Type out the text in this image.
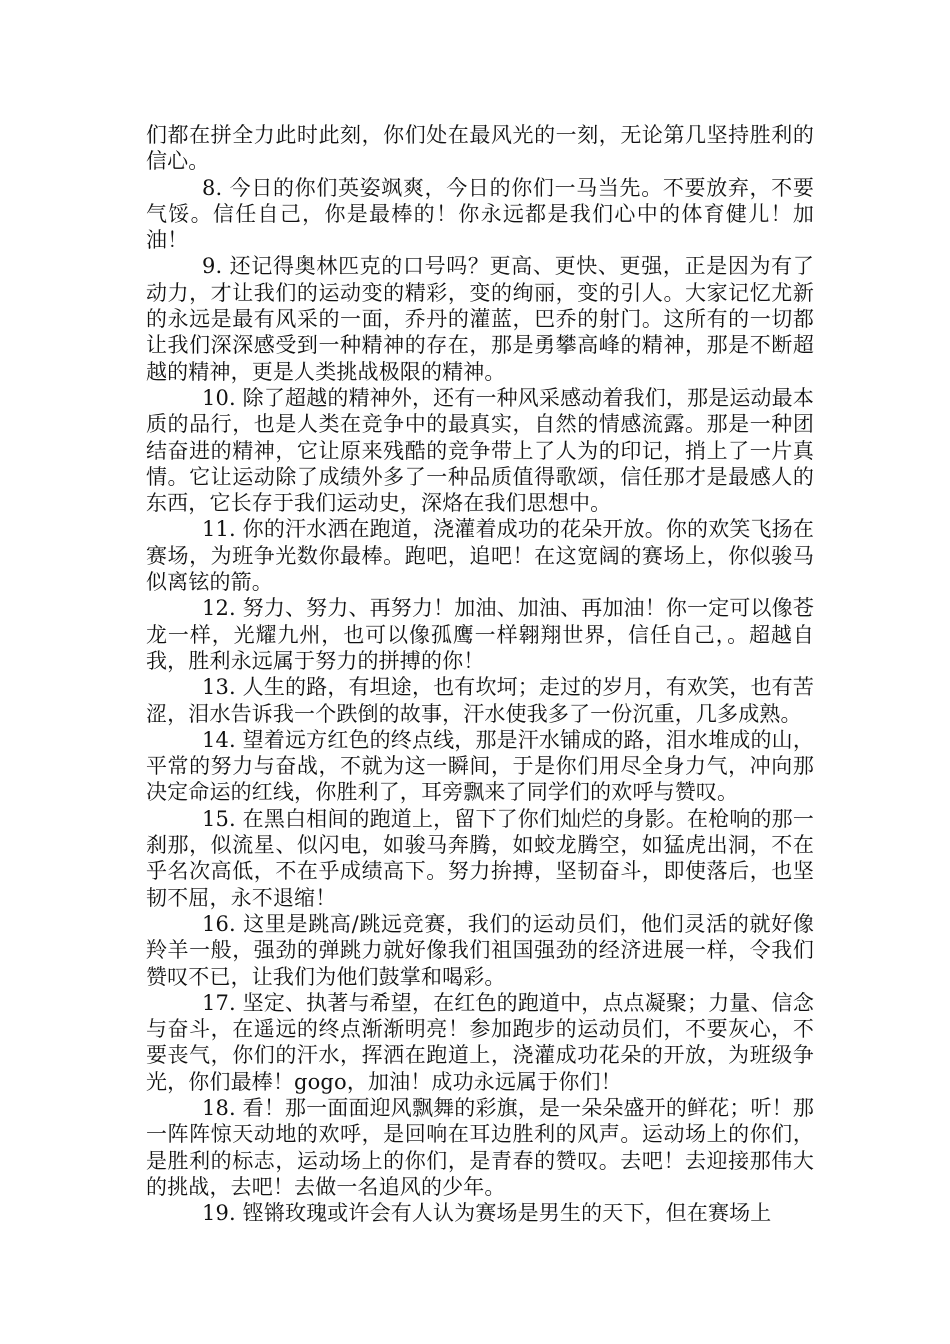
们都在拼全力此时此刻，你们处在最风光的一刻，无论第几坚持胜利的信心。

8. 今日的你们英姿飒爽，今日的你们一马当先。不要放弃，不要气馁。信任自己，你是最棒的！你永远都是我们心中的体育健儿！加油！

9. 还记得奥林匹克的口号吗？更高、更快、更强，正是因为有了动力，才让我们的运动变的精彩，变的绚丽，变的引人。大家记忆尤新的永远是最有风采的一面，乔丹的灌蓝，巴乔的射门。这所有的一切都让我们深深感受到一种精神的存在，那是勇攀高峰的精神，那是不断超越的精神，更是人类挑战极限的精神。

10. 除了超越的精神外，还有一种风采感动着我们，那是运动最本质的品行，也是人类在竞争中的最真实，自然的情感流露。那是一种团结奋进的精神，它让原来残酷的竞争带上了人为的印记，捎上了一片真情。它让运动除了成绩外多了一种品质值得歌颂，信任那才是最感人的东西，它长存于我们运动史，深烙在我们思想中。

11. 你的汗水洒在跑道，浇灌着成功的花朵开放。你的欢笑飞扬在赛场，为班争光数你最棒。跑吧，追吧！在这宽阔的赛场上，你似骏马似离铉的箭。

12. 努力、努力、再努力！加油、加油、再加油！你一定可以像苍龙一样，光耀九州，也可以像孤鹰一样翱翔世界，信任自己，。超越自我，胜利永远属于努力的拼搏的你！

13. 人生的路，有坦途，也有坎坷；走过的岁月，有欢笑，也有苦涩，泪水告诉我一个跌倒的故事，汗水使我多了一份沉重，几多成熟。

14. 望着远方红色的终点线，那是汗水铺成的路，泪水堆成的山，平常的努力与奋战，不就为这一瞬间，于是你们用尽全身力气，冲向那决定命运的红线，你胜利了，耳旁飘来了同学们的欢呼与赞叹。

15. 在黑白相间的跑道上，留下了你们灿烂的身影。在枪响的那一刹那，似流星、似闪电，如骏马奔腾，如蛟龙腾空，如猛虎出洞，不在乎名次高低，不在乎成绩高下。努力拚搏，坚韧奋斗，即使落后，也坚韧不屈，永不退缩！

16. 这里是跳高/跳远竞赛，我们的运动员们，他们灵活的就好像羚羊一般，强劲的弹跳力就好像我们祖国强劲的经济进展一样，令我们赞叹不已，让我们为他们鼓掌和喝彩。

17. 坚定、执著与希望，在红色的跑道中，点点凝聚；力量、信念与奋斗，在遥远的终点渐渐明亮！参加跑步的运动员们，不要灰心，不要丧气，你们的汗水，挥洒在跑道上，浇灌成功花朵的开放，为班级争光，你们最棒！gogo，加油！成功永远属于你们！

18. 看！那一面面迎风飘舞的彩旗，是一朵朵盛开的鲜花；听！那一阵阵惊天动地的欢呼，是回响在耳边胜利的风声。运动场上的你们，是胜利的标志，运动场上的你们，是青春的赞叹。去吧！去迎接那伟大的挑战，去吧！去做一名追风的少年。

19. 铿锵玫瑰或许会有人认为赛场是男生的天下，但在赛场上
